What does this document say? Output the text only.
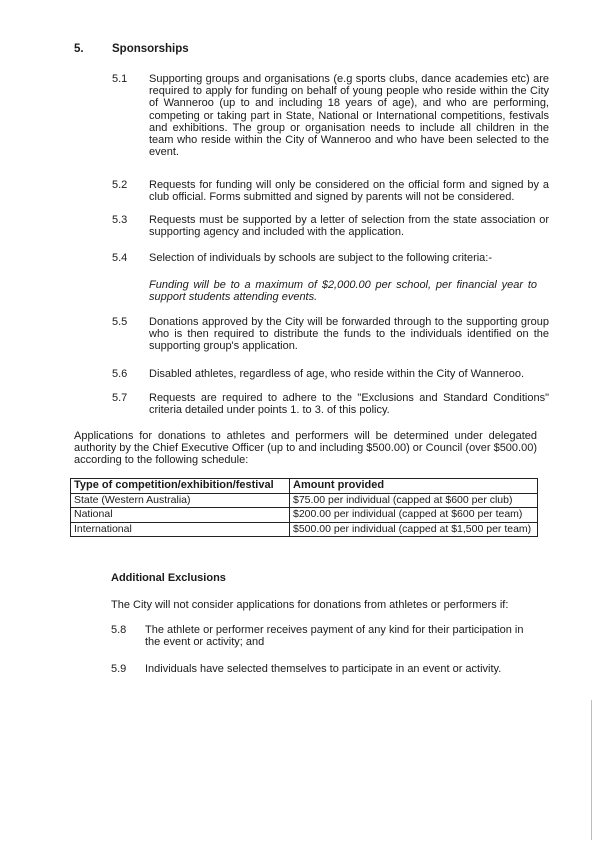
5.	Sponsorships
5.1 Supporting groups and organisations (e.g sports clubs, dance academies etc) are required to apply for funding on behalf of young people who reside within the City of Wanneroo (up to and including 18 years of age), and who are performing, competing or taking part in State, National or International competitions, festivals and exhibitions. The group or organisation needs to include all children in the team who reside within the City of Wanneroo and who have been selected to the event.
5.2 Requests for funding will only be considered on the official form and signed by a club official. Forms submitted and signed by parents will not be considered.
5.3 Requests must be supported by a letter of selection from the state association or supporting agency and included with the application.
5.4 Selection of individuals by schools are subject to the following criteria:-
Funding will be to a maximum of $2,000.00 per school, per financial year to support students attending events.
5.5 Donations approved by the City will be forwarded through to the supporting group who is then required to distribute the funds to the individuals identified on the supporting group's application.
5.6 Disabled athletes, regardless of age, who reside within the City of Wanneroo.
5.7 Requests are required to adhere to the "Exclusions and Standard Conditions" criteria detailed under points 1. to 3. of this policy.
Applications for donations to athletes and performers will be determined under delegated authority by the Chief Executive Officer (up to and including $500.00) or Council (over $500.00) according to the following schedule:
Type of competition/exhibition/festival	Amount provided
State (Western Australia)	$75.00 per individual (capped at $600 per club)
National	$200.00 per individual (capped at $600 per team)
International	$500.00 per individual (capped at $1,500 per team)
Additional Exclusions
The City will not consider applications for donations from athletes or performers if:
5.8 The athlete or performer receives payment of any kind for their participation in the event or activity; and
5.9 Individuals have selected themselves to participate in an event or activity.
